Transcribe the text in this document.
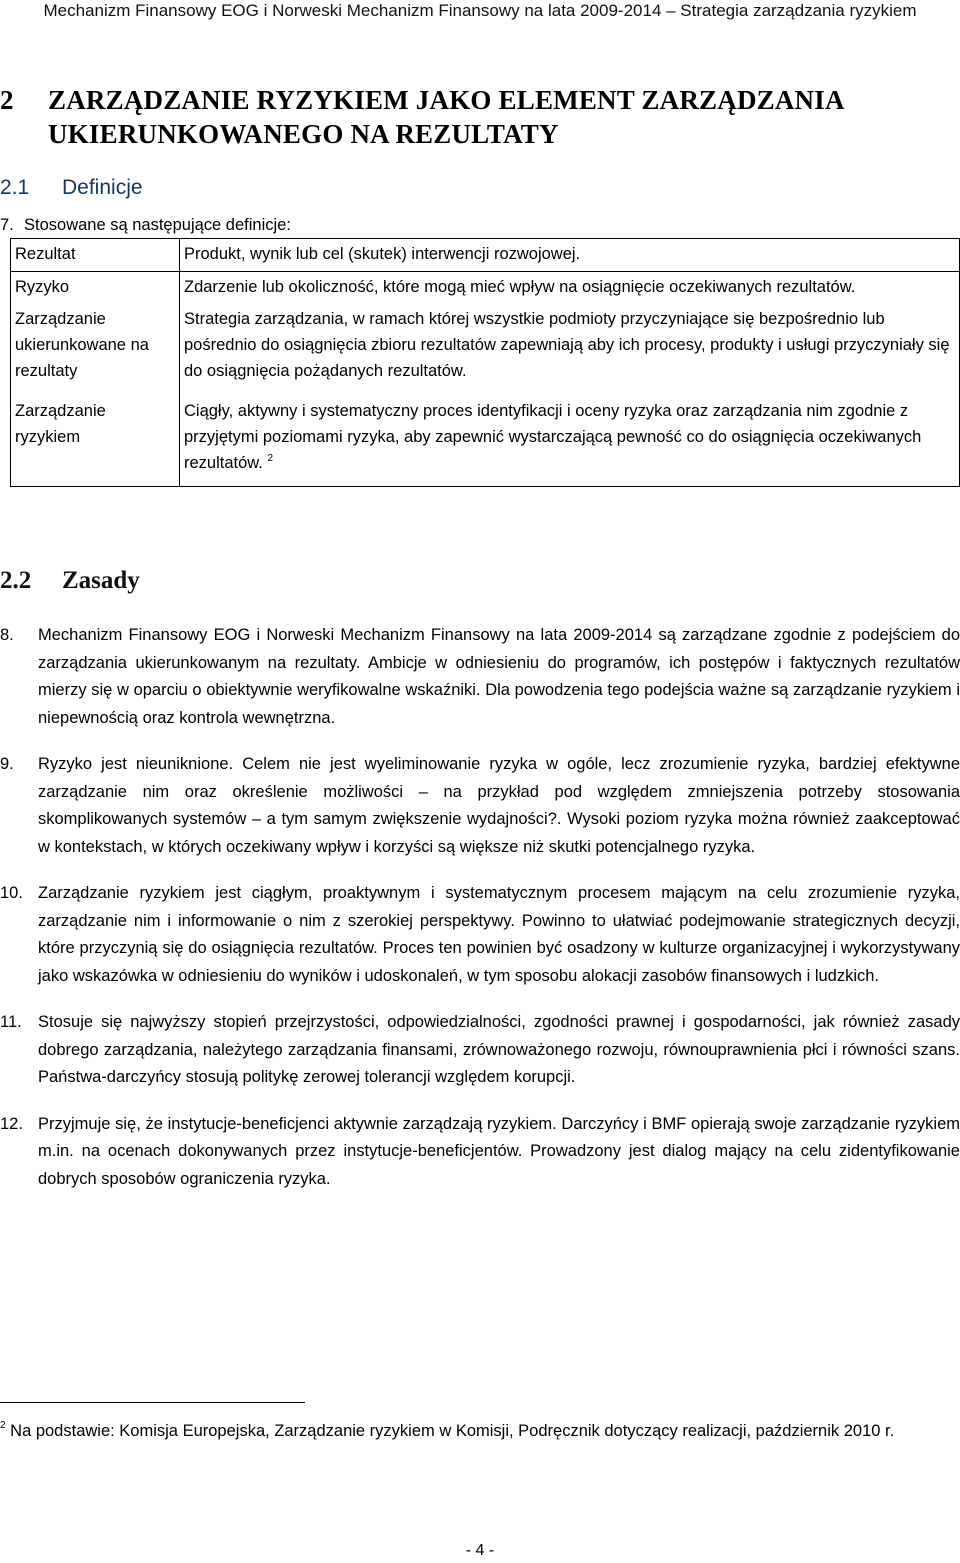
Mechanizm Finansowy EOG i Norweski Mechanizm Finansowy na lata 2009-2014 – Strategia zarządzania ryzykiem
2 ZARZĄDZANIE RYZYKIEM JAKO ELEMENT ZARZĄDZANIA
UKIERUNKOWANEGO NA REZULTATY
2.1 Definicje
7. Stosowane są następujące definicje:
Rezultat	Produkt, wynik lub cel (skutek) interwencji rozwojowej.
Ryzyko	Zdarzenie lub okoliczność, które mogą mieć wpływ na osiągnięcie oczekiwanych rezultatów.
Zarządzanie ukierunkowane na rezultaty	Strategia zarządzania, w ramach której wszystkie podmioty przyczyniające się bezpośrednio lub pośrednio do osiągnięcia zbioru rezultatów zapewniają aby ich procesy, produkty i usługi przyczyniały się do osiągnięcia pożądanych rezultatów.
Zarządzanie ryzykiem	Ciągły, aktywny i systematyczny proces identyfikacji i oceny ryzyka oraz zarządzania nim zgodnie z przyjętymi poziomami ryzyka, aby zapewnić wystarczającą pewność co do osiągnięcia oczekiwanych rezultatów. $^2$
2.2 Zasady
8.	Mechanizm Finansowy EOG i Norweski Mechanizm Finansowy na lata 2009-2014 są zarządzane zgodnie z podejściem do zarządzania ukierunkowanym na rezultaty. Ambicje w odniesieniu do programów, ich postępów i faktycznych rezultatów mierzy się w oparciu o obiektywnie weryfikowalne wskaźniki. Dla powodzenia tego podejścia ważne są zarządzanie ryzykiem i niepewnością oraz kontrola wewnętrzna.
9.	Ryzyko jest nieuniknione. Celem nie jest wyeliminowanie ryzyka w ogóle, lecz zrozumienie ryzyka, bardziej efektywne zarządzanie nim oraz określenie możliwości – na przykład pod względem zmniejszenia potrzeby stosowania skomplikowanych systemów – a tym samym zwiększenie wydajności?. Wysoki poziom ryzyka można również zaakceptować w kontekstach, w których oczekiwany wpływ i korzyści są większe niż skutki potencjalnego ryzyka.
10. Zarządzanie ryzykiem jest ciągłym, proaktywnym i systematycznym procesem mającym na celu zrozumienie ryzyka, zarządzanie nim i informowanie o nim z szerokiej perspektywy. Powinno to ułatwiać podejmowanie strategicznych decyzji, które przyczynią się do osiągnięcia rezultatów. Proces ten powinien być osadzony w kulturze organizacyjnej i wykorzystywany jako wskazówka w odniesieniu do wyników i udoskonaleń, w tym sposobu alokacji zasobów finansowych i ludzkich.
11. Stosuje się najwyższy stopień przejrzystości, odpowiedzialności, zgodności prawnej i gospodarności, jak również zasady dobrego zarządzania, należytego zarządzania finansami, zrównoważonego rozwoju, równouprawnienia płci i równości szans. Państwa-darczyńcy stosują politykę zerowej tolerancji względem korupcji.
12. Przyjmuje się, że instytucje-beneficjenci aktywnie zarządzają ryzykiem. Darczyńcy i BMF opierają swoje zarządzanie ryzykiem m.in. na ocenach dokonywanych przez instytucje-beneficjentów. Prowadzony jest dialog mający na celu zidentyfikowanie dobrych sposobów ograniczenia ryzyka.
$^2$ Na podstawie: Komisja Europejska, Zarządzanie ryzykiem w Komisji, Podręcznik dotyczący realizacji, październik 2010 r.
- 4 -
